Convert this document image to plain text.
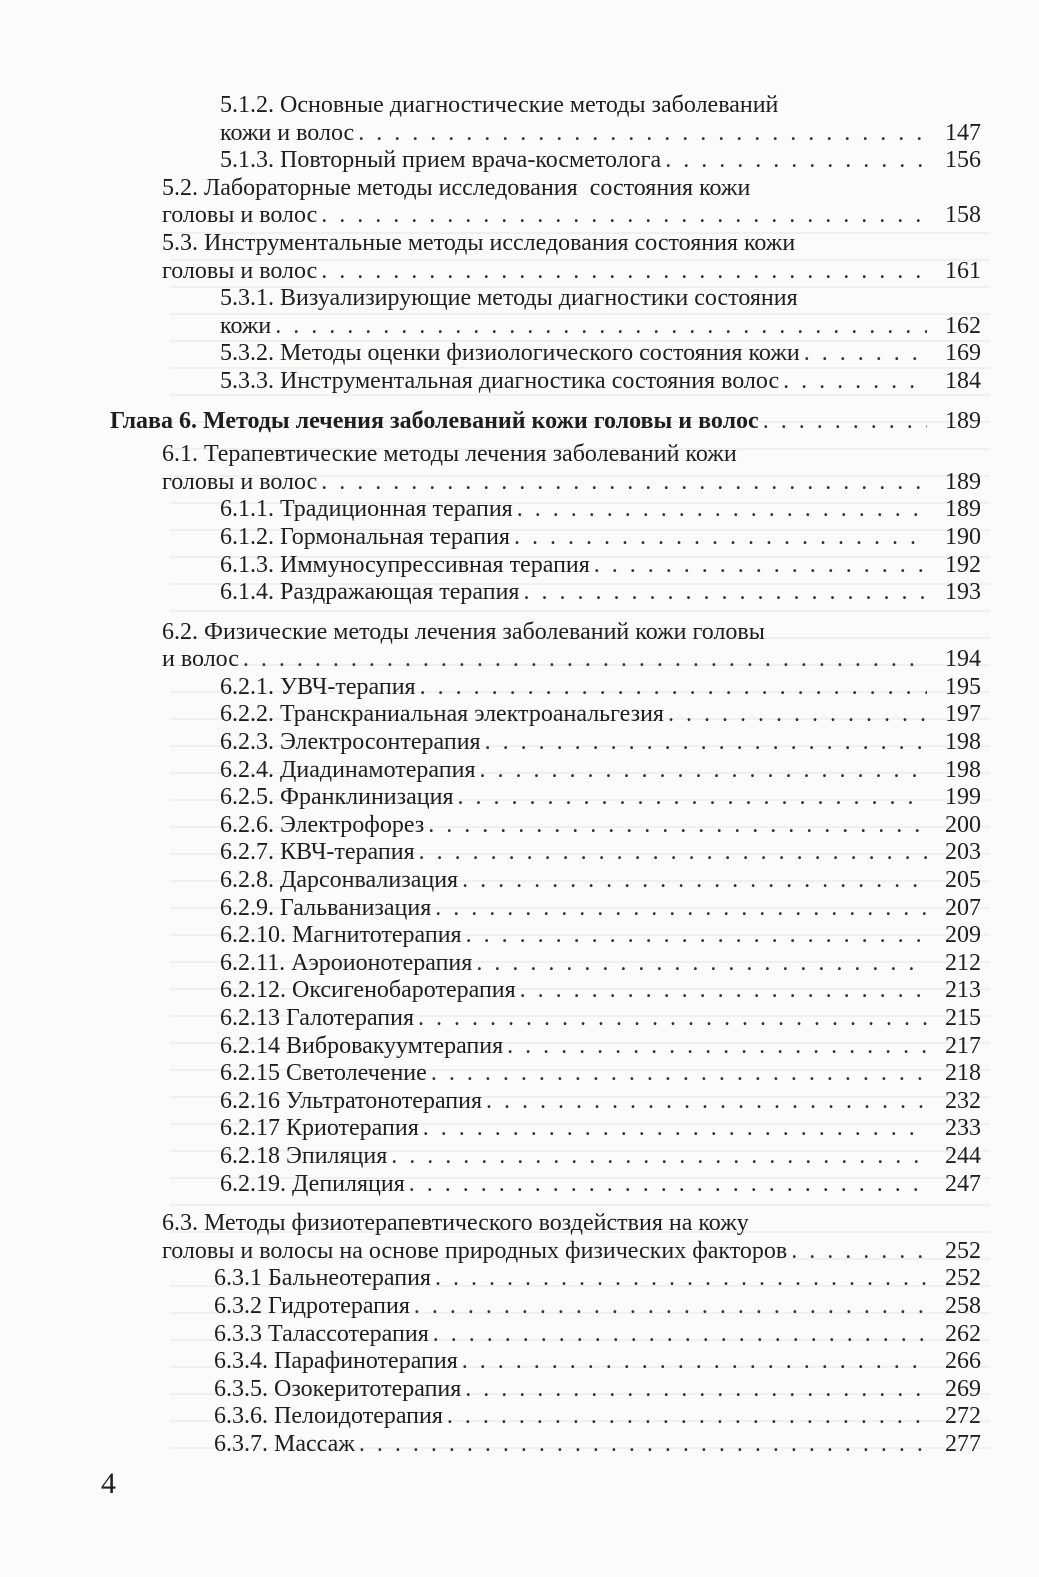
5.1.2. Основные диагностические методы заболеваний
кожи и волос . . .	147
5.1.3. Повторный прием врача-косметолога . . .	156
5.2. Лабораторные методы исследования  состояния кожи
головы и волос . . .	158
5.3. Инструментальные методы исследования состояния кожи
головы и волос . . .	161
5.3.1. Визуализирующие методы диагностики состояния
кожи . . .	162
5.3.2. Методы оценки физиологического состояния кожи . . .	169
5.3.3. Инструментальная диагностика состояния волос . . .	184
Глава 6. Методы лечения заболеваний кожи головы и волос . . .	189
6.1. Терапевтические методы лечения заболеваний кожи
головы и волос . . .	189
6.1.1. Традиционная терапия . . .	189
6.1.2. Гормональная терапия . . .	190
6.1.3. Иммуносупрессивная терапия . . .	192
6.1.4. Раздражающая терапия . . .	193
6.2. Физические методы лечения заболеваний кожи головы
и волос . . .	194
6.2.1. УВЧ-терапия . . .	195
6.2.2. Транскраниальная электроанальгезия . . .	197
6.2.3. Электросонтерапия . . .	198
6.2.4. Диадинамотерапия . . .	198
6.2.5. Франклинизация . . .	199
6.2.6. Электрофорез . . .	200
6.2.7. КВЧ-терапия . . .	203
6.2.8. Дарсонвализация . . .	205
6.2.9. Гальванизация . . .	207
6.2.10. Магнитотерапия . . .	209
6.2.11. Аэроионотерапия . . .	212
6.2.12. Оксигенобаротерапия . . .	213
6.2.13 Галотерапия . . .	215
6.2.14 Вибровакуумтерапия . . .	217
6.2.15 Светолечение . . .	218
6.2.16 Ультратонотерапия . . .	232
6.2.17 Криотерапия . . .	233
6.2.18 Эпиляция . . .	244
6.2.19. Депиляция . . .	247
6.3. Методы физиотерапевтического воздействия на кожу
головы и волосы на основе природных физических факторов . . .	252
6.3.1 Бальнеотерапия . . .	252
6.3.2 Гидротерапия . . .	258
6.3.3 Талассотерапия . . .	262
6.3.4. Парафинотерапия . . .	266
6.3.5. Озокеритотерапия . . .	269
6.3.6. Пелоидотерапия . . .	272
6.3.7. Массаж . . .	277
4
